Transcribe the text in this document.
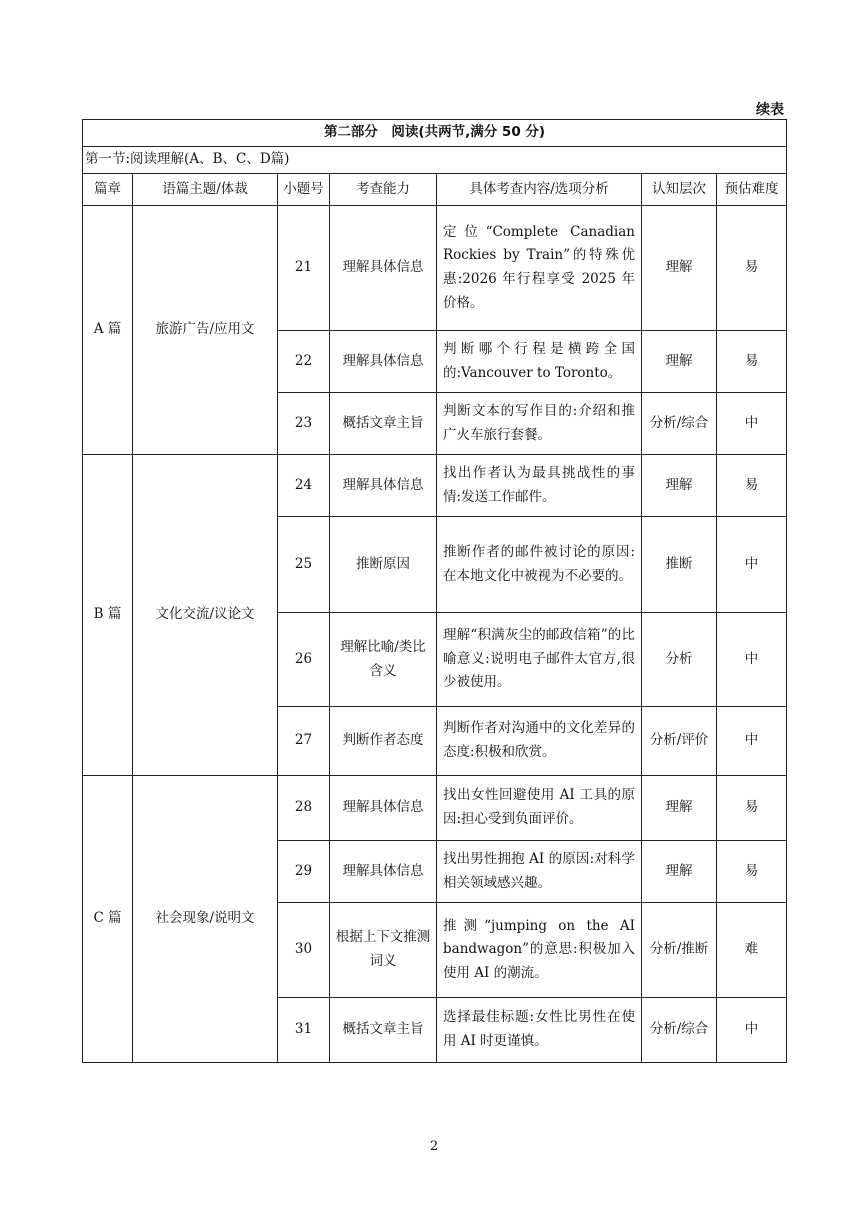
续表
第二部分　阅读(共两节,满分 50 分)						
第一节:阅读理解(A、B、C、D篇)						
篇章	语篇主题/体裁	小题号	考查能力	具体考查内容/选项分析	认知层次	预估难度
A 篇	旅游广告/应用文	21	理解具体信息	定位“Complete Canadian Rockies by Train”的特殊优惠:2026 年行程享受 2025 年价格。	理解	易
		22	理解具体信息	判断哪个行程是横跨全国的:Vancouver to Toronto。	理解	易
		23	概括文章主旨	判断文本的写作目的:介绍和推广火车旅行套餐。	分析/综合	中
B 篇	文化交流/议论文	24	理解具体信息	找出作者认为最具挑战性的事情:发送工作邮件。	理解	易
		25	推断原因	推断作者的邮件被讨论的原因:在本地文化中被视为不必要的。	推断	中
		26	理解比喻/类比含义	理解“积满灰尘的邮政信箱”的比喻意义:说明电子邮件太官方,很少被使用。	分析	中
		27	判断作者态度	判断作者对沟通中的文化差异的态度:积极和欣赏。	分析/评价	中
C 篇	社会现象/说明文	28	理解具体信息	找出女性回避使用 AI 工具的原因:担心受到负面评价。	理解	易
		29	理解具体信息	找出男性拥抱 AI 的原因:对科学相关领域感兴趣。	理解	易
		30	根据上下文推测词义	推测“jumping on the AI bandwagon”的意思:积极加入使用 AI 的潮流。	分析/推断	难
		31	概括文章主旨	选择最佳标题:女性比男性在使用 AI 时更谨慎。	分析/综合	中
2
